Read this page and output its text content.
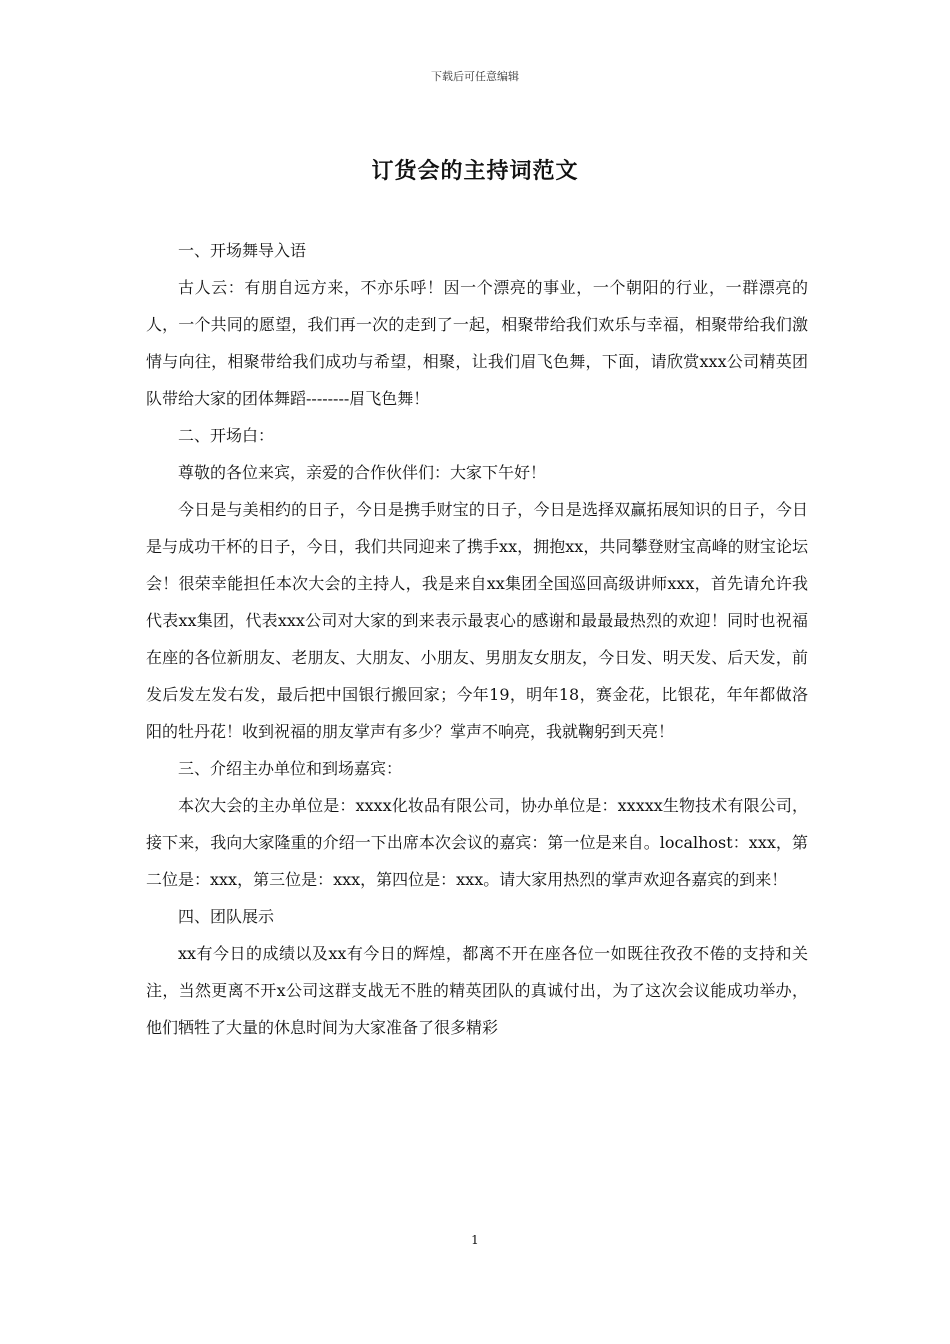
下载后可任意编辑
订货会的主持词范文

一、开场舞导入语

古人云：有朋自远方来，不亦乐呼！因一个漂亮的事业，一个朝阳的行业，一群漂亮的人，一个共同的愿望，我们再一次的走到了一起，相聚带给我们欢乐与幸福，相聚带给我们激情与向往，相聚带给我们成功与希望，相聚，让我们眉飞色舞，下面，请欣赏xxx公司精英团队带给大家的团体舞蹈--------眉飞色舞！

二、开场白：

尊敬的各位来宾，亲爱的合作伙伴们：大家下午好！

今日是与美相约的日子，今日是携手财宝的日子，今日是选择双赢拓展知识的日子，今日是与成功干杯的日子，今日，我们共同迎来了携手xx，拥抱xx，共同攀登财宝高峰的财宝论坛会！很荣幸能担任本次大会的主持人，我是来自xx集团全国巡回高级讲师xxx，首先请允许我代表xx集团，代表xxx公司对大家的到来表示最衷心的感谢和最最最热烈的欢迎！同时也祝福在座的各位新朋友、老朋友、大朋友、小朋友、男朋友女朋友，今日发、明天发、后天发，前发后发左发右发，最后把中国银行搬回家；今年19，明年18，赛金花，比银花，年年都做洛阳的牡丹花！收到祝福的朋友掌声有多少？掌声不响亮，我就鞠躬到天亮！

三、介绍主办单位和到场嘉宾：

本次大会的主办单位是：xxxx化妆品有限公司，协办单位是：xxxxx生物技术有限公司，接下来，我向大家隆重的介绍一下出席本次会议的嘉宾：第一位是来自。localhost：xxx，第二位是：xxx，第三位是：xxx，第四位是：xxx。请大家用热烈的掌声欢迎各嘉宾的到来！

四、团队展示

xx有今日的成绩以及xx有今日的辉煌，都离不开在座各位一如既往孜孜不倦的支持和关注，当然更离不开x公司这群支战无不胜的精英团队的真诚付出，为了这次会议能成功举办，他们牺牲了大量的休息时间为大家准备了很多精彩

1
